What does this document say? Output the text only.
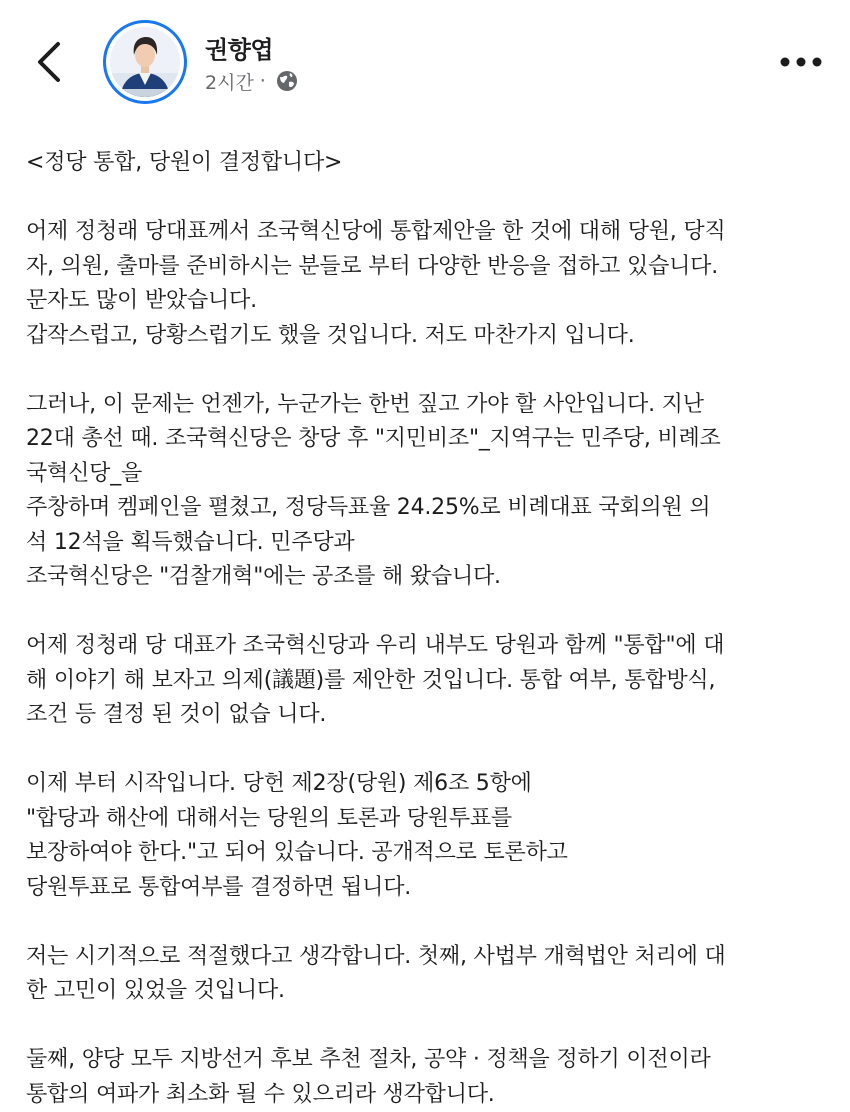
권향엽
2시간 ·
<정당 통합, 당원이 결정합니다>
어제 정청래 당대표께서 조국혁신당에 통합제안을 한 것에 대해 당원, 당직
자, 의원, 출마를 준비하시는 분들로 부터 다양한 반응을 접하고 있습니다.
문자도 많이 받았습니다.
갑작스럽고, 당황스럽기도 했을 것입니다. 저도 마찬가지 입니다.
그러나, 이 문제는 언젠가, 누군가는 한번 짚고 가야 할 사안입니다. 지난
22대 총선 때. 조국혁신당은 창당 후 "지민비조"_지역구는 민주당, 비례조
국혁신당_을
주창하며 켐페인을 펼쳤고, 정당득표율 24.25%로 비례대표 국회의원 의
석 12석을 획득했습니다. 민주당과
조국혁신당은 "검찰개혁"에는 공조를 해 왔습니다.
어제 정청래 당 대표가 조국혁신당과 우리 내부도 당원과 함께 "통합"에 대
해 이야기 해 보자고 의제(議題)를 제안한 것입니다. 통합 여부, 통합방식,
조건 등 결정 된 것이 없습 니다.
이제 부터 시작입니다. 당헌 제2장(당원) 제6조 5항에
"합당과 해산에 대해서는 당원의 토론과 당원투표를
보장하여야 한다."고 되어 있습니다. 공개적으로 토론하고
당원투표로 통합여부를 결정하면 됩니다.
저는 시기적으로 적절했다고 생각합니다. 첫째, 사법부 개혁법안 처리에 대
한 고민이 있었을 것입니다.
둘째, 양당 모두 지방선거 후보 추천 절차, 공약 · 정책을 정하기 이전이라
통합의 여파가 최소화 될 수 있으리라 생각합니다.
